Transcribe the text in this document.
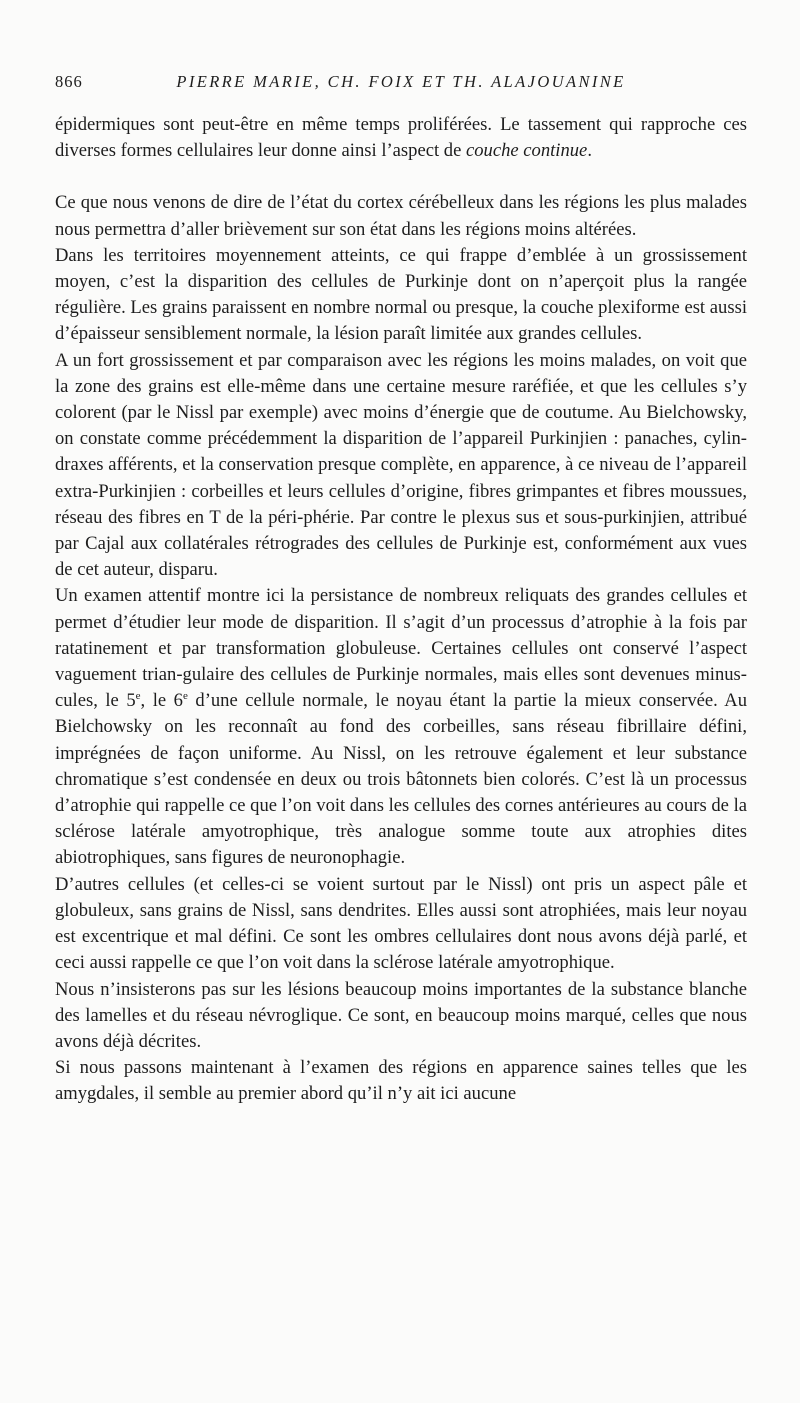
866	PIERRE MARIE, CH. FOIX ET TH. ALAJOUANINE

épidermiques sont peut-être en même temps proliférées. Le tassement qui rapproche ces diverses formes cellulaires leur donne ainsi l’aspect de couche continue.

Ce que nous venons de dire de l’état du cortex cérébelleux dans les régions les plus malades nous permettra d’aller brièvement sur son état dans les régions moins altérées.

Dans les territoires moyennement atteints, ce qui frappe d’emblée à un grossissement moyen, c’est la disparition des cellules de Purkinje dont on n’aperçoit plus la rangée régulière. Les grains paraissent en nombre normal ou presque, la couche plexiforme est aussi d’épaisseur sensiblement normale, la lésion paraît limitée aux grandes cellules.

A un fort grossissement et par comparaison avec les régions les moins malades, on voit que la zone des grains est elle-même dans une certaine mesure raréfiée, et que les cellules s’y colorent (par le Nissl par exemple) avec moins d’énergie que de coutume. Au Bielchowsky, on constate comme précédemment la disparition de l’appareil Purkinjien : panaches, cylin-draxes afférents, et la conservation presque complète, en apparence, à ce niveau de l’appareil extra-Purkinjien : corbeilles et leurs cellules d’origine, fibres grimpantes et fibres moussues, réseau des fibres en T de la péri-phérie. Par contre le plexus sus et sous-purkinjien, attribué par Cajal aux collatérales rétrogrades des cellules de Purkinje est, conformément aux vues de cet auteur, disparu.

Un examen attentif montre ici la persistance de nombreux reliquats des grandes cellules et permet d’étudier leur mode de disparition. Il s’agit d’un processus d’atrophie à la fois par ratatinement et par transformation globuleuse. Certaines cellules ont conservé l’aspect vaguement trian-gulaire des cellules de Purkinje normales, mais elles sont devenues minus-cules, le 5e, le 6e d’une cellule normale, le noyau étant la partie la mieux conservée. Au Bielchowsky on les reconnaît au fond des corbeilles, sans réseau fibrillaire défini, imprégnées de façon uniforme. Au Nissl, on les retrouve également et leur substance chromatique s’est condensée en deux ou trois bâtonnets bien colorés. C’est là un processus d’atrophie qui rappelle ce que l’on voit dans les cellules des cornes antérieures au cours de la sclérose latérale amyotrophique, très analogue somme toute aux atrophies dites abiotrophiques, sans figures de neuronophagie.

D’autres cellules (et celles-ci se voient surtout par le Nissl) ont pris un aspect pâle et globuleux, sans grains de Nissl, sans dendrites. Elles aussi sont atrophiées, mais leur noyau est excentrique et mal défini. Ce sont les ombres cellulaires dont nous avons déjà parlé, et ceci aussi rappelle ce que l’on voit dans la sclérose latérale amyotrophique.

Nous n’insisterons pas sur les lésions beaucoup moins importantes de la substance blanche des lamelles et du réseau névroglique. Ce sont, en beaucoup moins marqué, celles que nous avons déjà décrites.

Si nous passons maintenant à l’examen des régions en apparence saines telles que les amygdales, il semble au premier abord qu’il n’y ait ici aucune
